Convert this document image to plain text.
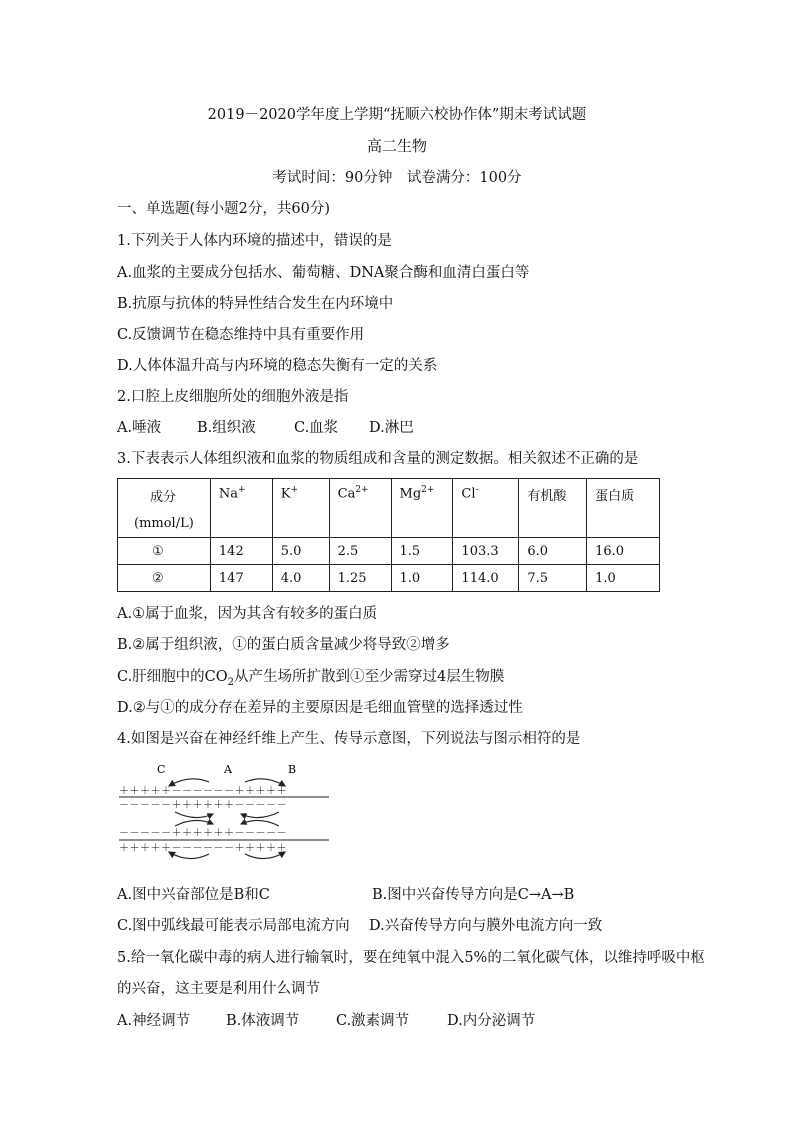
2019－2020学年度上学期“抚顺六校协作体”期末考试试题
高二生物
考试时间：90分钟　试卷满分：100分
一、单选题(每小题2分，共60分)
1.下列关于人体内环境的描述中，错误的是
A.血浆的主要成分包括水、葡萄糖、DNA聚合酶和血清白蛋白等
B.抗原与抗体的特异性结合发生在内环境中
C.反馈调节在稳态维持中具有重要作用
D.人体体温升高与内环境的稳态失衡有一定的关系
2.口腔上皮细胞所处的细胞外液是指
A.唾液 B.组织液	C.血浆 D.淋巴
3.下表表示人体组织液和血浆的物质组成和含量的测定数据。相关叙述不正确的是
成分
(mmol/L)	Na+	K+	$Ca^{2+}$	$Mg^{2+}$	Cl-	有机酸	蛋白质
①	142	5.0	2.5	1.5	103.3	6.0	16.0
②	147	4.0	1.25	1.0	114.0	7.5	1.0
A.①属于血浆，因为其含有较多的蛋白质
B.②属于组织液，①的蛋白质含量减少将导致②增多
C.肝细胞中的$CO_2$从产生场所扩散到①至少需穿过4层生物膜
D.②与①的成分存在差异的主要原因是毛细血管壁的选择透过性
4.如图是兴奋在神经纤维上产生、传导示意图，下列说法与图示相符的是
C	A	B
＋＋＋＋＋－－－－－－＋＋＋＋＋
－－－－－＋＋＋＋＋＋－－－－－
－－－－－＋＋＋＋＋＋－－－－－
＋＋＋＋＋－－－－－－＋＋＋＋＋
A.图中兴奋部位是B和C	B.图中兴奋传导方向是C→A→B
C.图中弧线最可能表示局部电流方向 D.兴奋传导方向与膜外电流方向一致
5.给一氧化碳中毒的病人进行输氧时，要在纯氧中混入5%的二氧化碳气体，以维持呼吸中枢
的兴奋，这主要是利用什么调节
A.神经调节 B.体液调节	C.激素调节	D.内分泌调节
